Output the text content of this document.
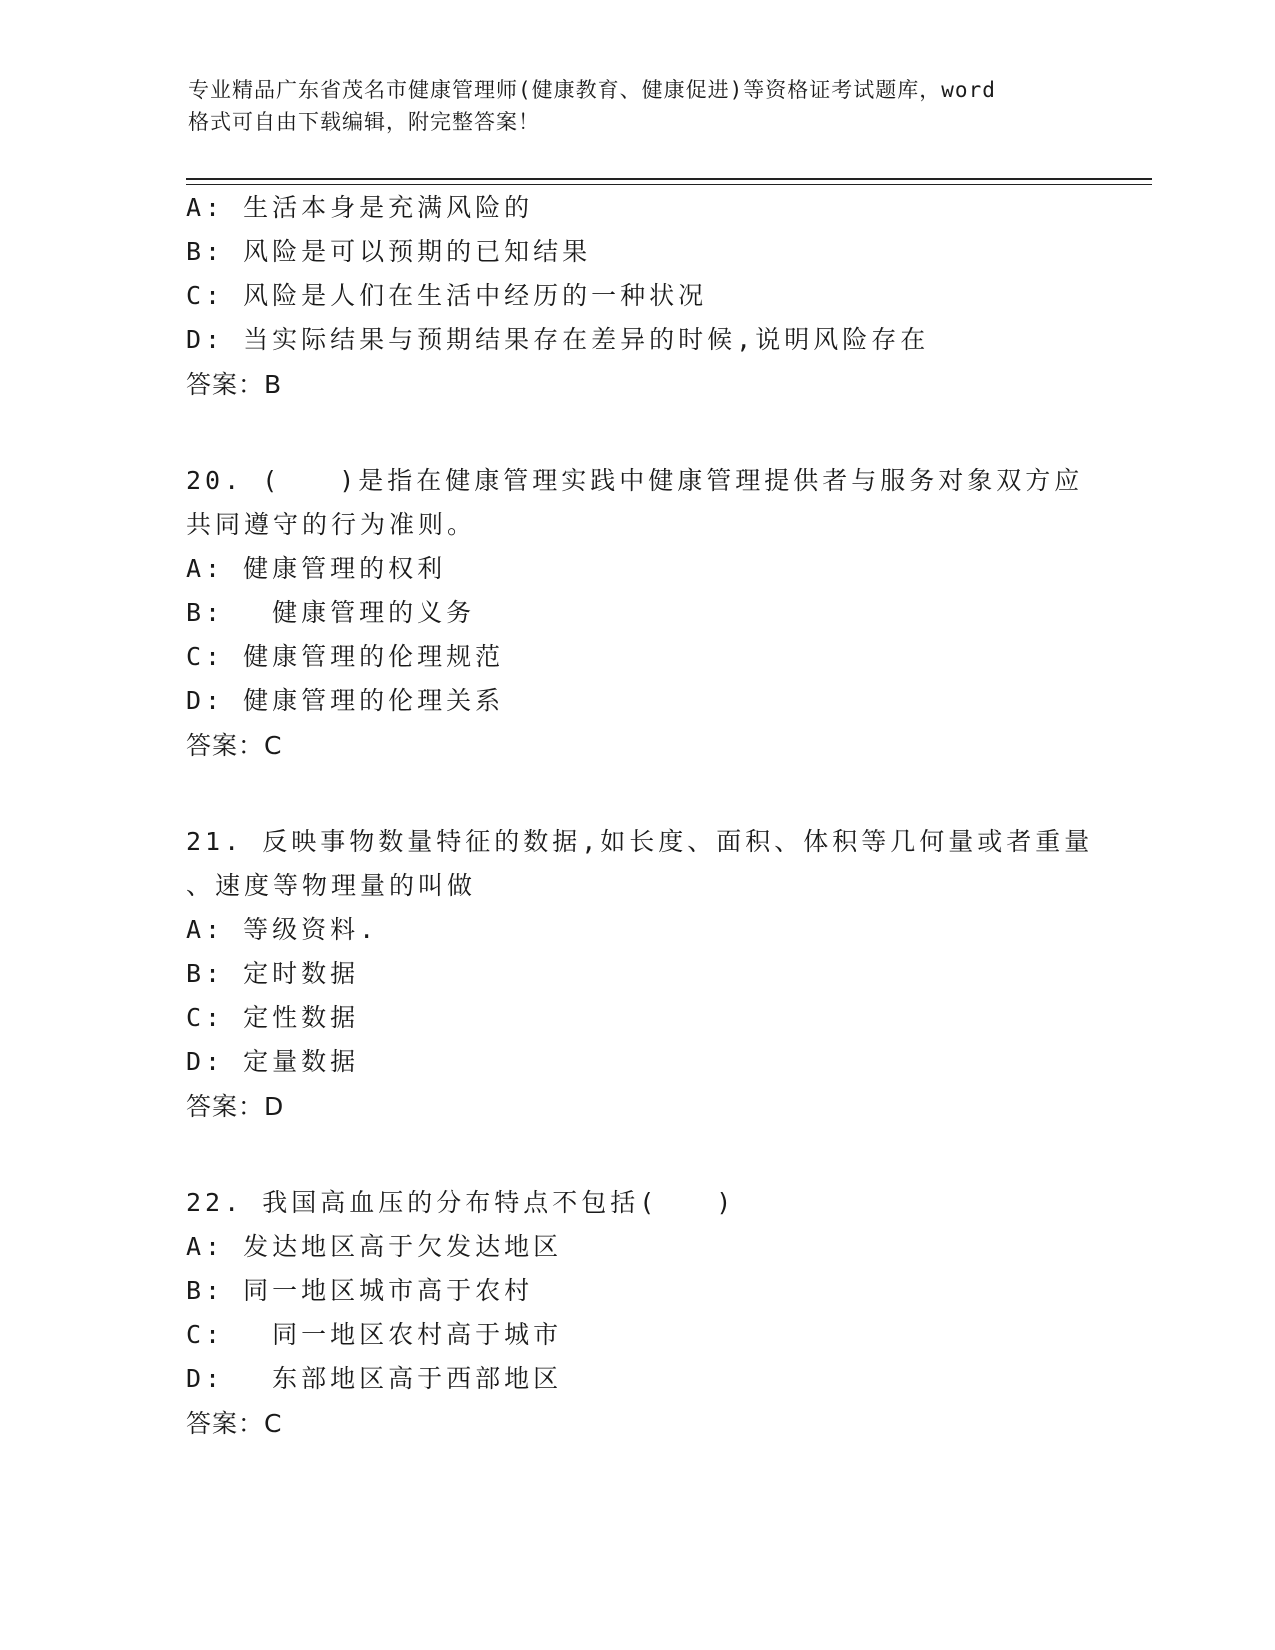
专业精品广东省茂名市健康管理师(健康教育、健康促进)等资格证考试题库，word
格式可自由下载编辑，附完整答案！
A: 生活本身是充满风险的
B: 风险是可以预期的已知结果
C: 风险是人们在生活中经历的一种状况
D: 当实际结果与预期结果存在差异的时候,说明风险存在
答案：B
20. (　　)是指在健康管理实践中健康管理提供者与服务对象双方应
共同遵守的行为准则。
A: 健康管理的权利
B: 　健康管理的义务
C: 健康管理的伦理规范
D: 健康管理的伦理关系
答案：C
21. 反映事物数量特征的数据,如长度、面积、体积等几何量或者重量
、速度等物理量的叫做
A: 等级资料.
B: 定时数据
C: 定性数据
D: 定量数据
答案：D
22. 我国高血压的分布特点不包括(　　)
A: 发达地区高于欠发达地区
B: 同一地区城市高于农村
C: 　同一地区农村高于城市
D: 　东部地区高于西部地区
答案：C
